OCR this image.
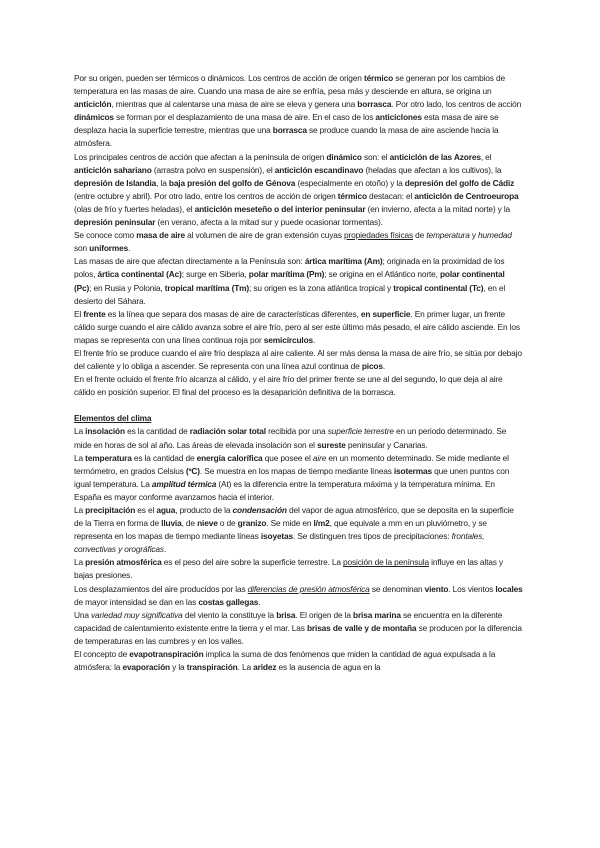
Por su origen, pueden ser térmicos o dinámicos. Los centros de acción de origen térmico se generan por los cambios de temperatura en las masas de aire. Cuando una masa de aire se enfría, pesa más y desciende en altura, se origina un anticiclón, mientras que al calentarse una masa de aire se eleva y genera una borrasca. Por otro lado, los centros de acción dinámicos se forman por el desplazamiento de una masa de aire. En el caso de los anticiclones esta masa de aire se desplaza hacia la superficie terrestre, mientras que una borrasca se produce cuando la masa de aire asciende hacia la atmósfera.

Los principales centros de acción que afectan a la península de origen dinámico son: el anticiclón de las Azores, el anticiclón sahariano (arrastra polvo en suspensión), el anticiclón escandinavo (heladas que afectan a los cultivos), la depresión de Islandia, la baja presión del golfo de Génova (especialmente en otoño) y la depresión del golfo de Cádiz (entre octubre y abril). Por otro lado, entre los centros de acción de origen térmico destacan: el anticiclón de Centroeuropa (olas de frío y fuertes heladas), el anticiclón meseteño o del interior peninsular (en invierno, afecta a la mitad norte) y la depresión peninsular (en verano, afecta a la mitad sur y puede ocasionar tormentas).

Se conoce como masa de aire al volumen de aire de gran extensión cuyas propiedades físicas de temperatura y humedad son uniformes.

Las masas de aire que afectan directamente a la Península son: ártica marítima (Am); originada en la proximidad de los polos, ártica continental (Ac); surge en Siberia, polar marítima (Pm); se origina en el Atlántico norte, polar continental (Pc); en Rusia y Polonia, tropical marítima (Tm); su origen es la zona atlántica tropical y tropical continental (Tc), en el desierto del Sáhara.

El frente es la línea que separa dos masas de aire de características diferentes, en superficie. En primer lugar, un frente cálido surge cuando el aire cálido avanza sobre el aire frío, pero al ser este último más pesado, el aire cálido asciende. En los mapas se representa con una línea continua roja por semicírculos.

El frente frío se produce cuando el aire frío desplaza al aire caliente. Al ser más densa la masa de aire frío, se sitúa por debajo del caliente y lo obliga a ascender. Se representa con una línea azul continua de picos.

En el frente ocluido el frente frío alcanza al cálido, y el aire frío del primer frente se une al del segundo, lo que deja al aire cálido en posición superior. El final del proceso es la desaparición definitiva de la borrasca.

Elementos del clima

La insolación es la cantidad de radiación solar total recibida por una superficie terrestre en un periodo determinado. Se mide en horas de sol al año. Las áreas de elevada insolación son el sureste peninsular y Canarias.

La temperatura es la cantidad de energía calorífica que posee el aire en un momento determinado. Se mide mediante el termómetro, en grados Celsius (ºC). Se muestra en los mapas de tiempo mediante líneas isotermas que unen puntos con igual temperatura. La amplitud térmica (At) es la diferencia entre la temperatura máxima y la temperatura mínima. En España es mayor conforme avanzamos hacia el interior.

La precipitación es el agua, producto de la condensación del vapor de agua atmosférico, que se deposita en la superficie de la Tierra en forma de lluvia, de nieve o de granizo. Se mide en l/m2, que equivale a mm en un pluviómetro, y se representa en los mapas de tiempo mediante líneas isoyetas. Se distinguen tres tipos de precipitaciones: frontales, convectivas y orográficas.

La presión atmosférica es el peso del aire sobre la superficie terrestre. La posición de la península influye en las altas y bajas presiones.

Los desplazamientos del aire producidos por las diferencias de presión atmosférica se denominan viento. Los vientos locales de mayor intensidad se dan en las costas gallegas.

Una variedad muy significativa del viento la constituye la brisa. El origen de la brisa marina se encuentra en la diferente capacidad de calentamiento existente entre la tierra y el mar. Las brisas de valle y de montaña se producen por la diferencia de temperaturas en las cumbres y en los valles.

El concepto de evapotranspiración implica la suma de dos fenómenos que miden la cantidad de agua expulsada a la atmósfera: la evaporación y la transpiración. La aridez es la ausencia de agua en la
